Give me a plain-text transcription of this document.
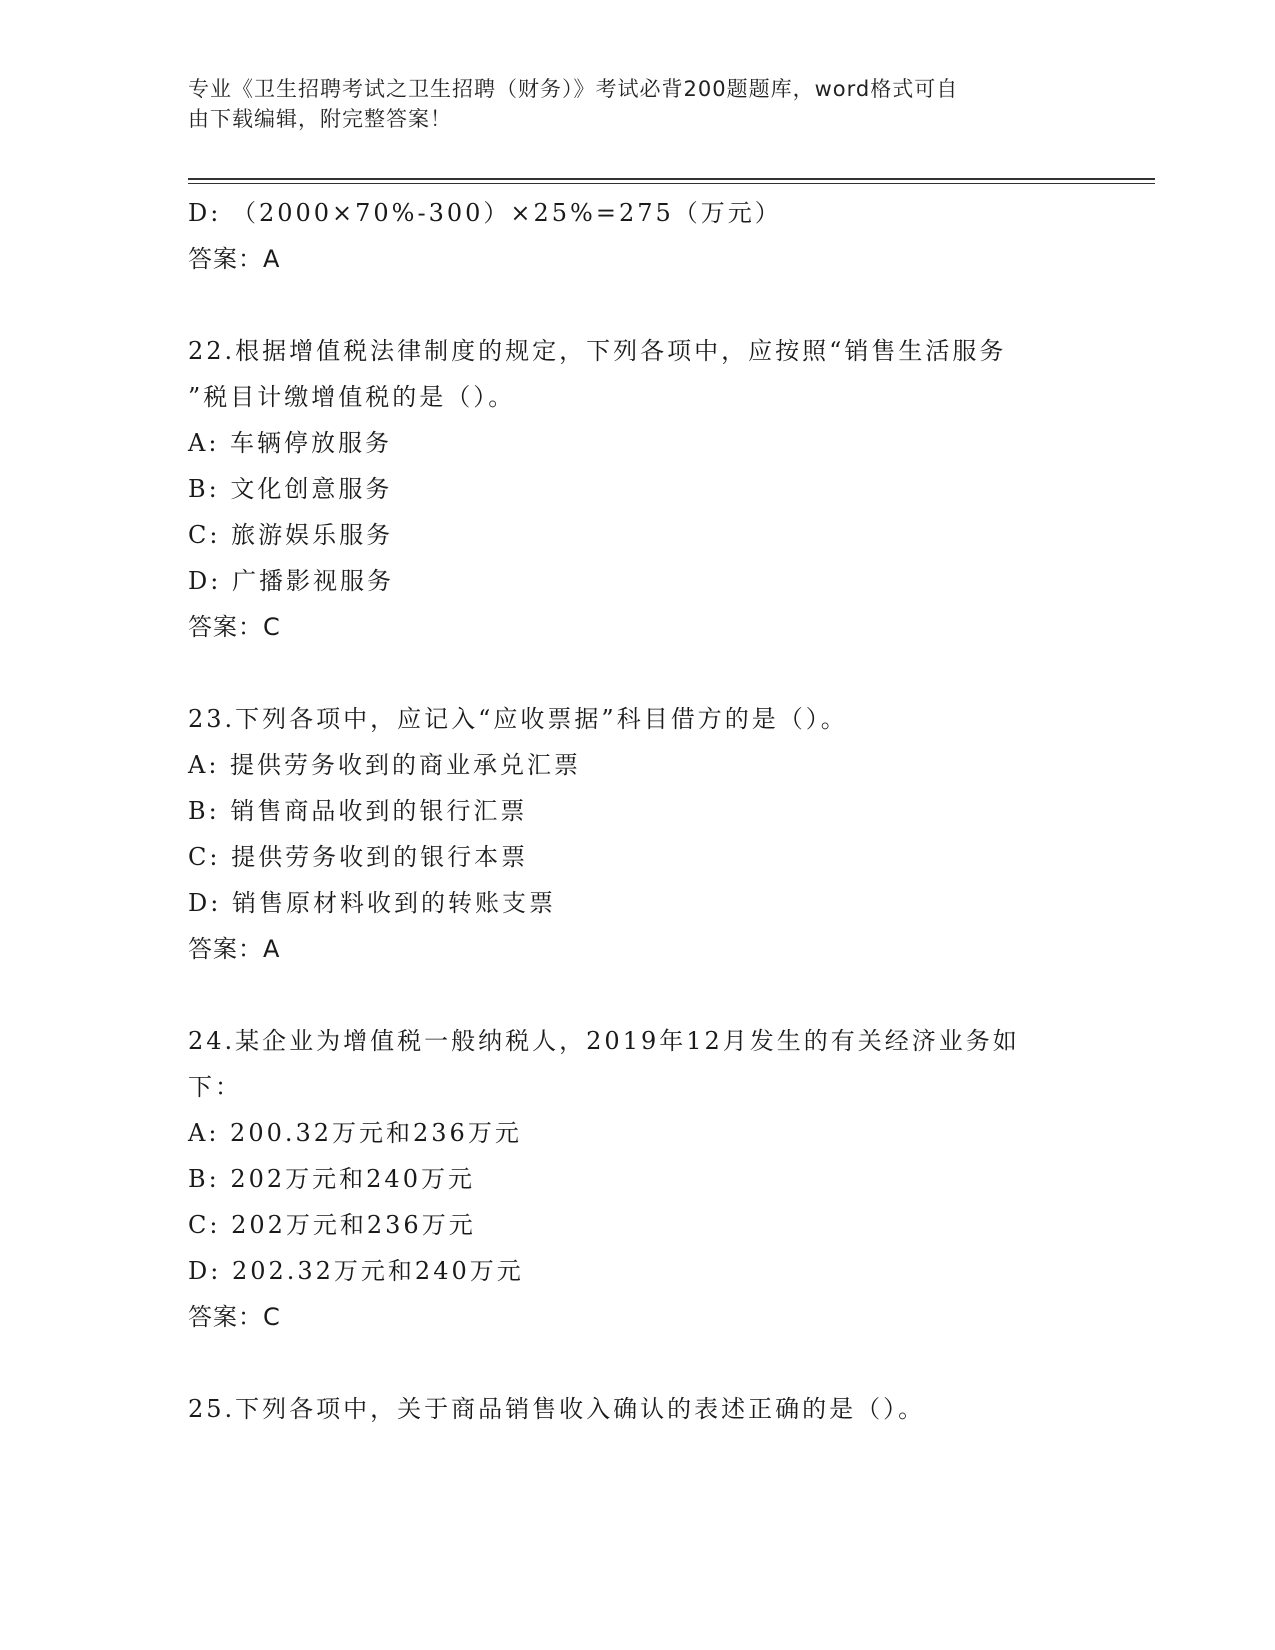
专业《卫生招聘考试之卫生招聘（财务）》考试必背200题题库，word格式可自
由下载编辑，附完整答案！
D: （2000×70%-300）×25%=275（万元）
答案：A
22.根据增值税法律制度的规定，下列各项中，应按照“销售生活服务
”税目计缴增值税的是（）。
A: 车辆停放服务
B: 文化创意服务
C: 旅游娱乐服务
D: 广播影视服务
答案：C
23.下列各项中，应记入“应收票据”科目借方的是（）。
A: 提供劳务收到的商业承兑汇票
B: 销售商品收到的银行汇票
C: 提供劳务收到的银行本票
D: 销售原材料收到的转账支票
答案：A
24.某企业为增值税一般纳税人，2019年12月发生的有关经济业务如
下：
A: 200.32万元和236万元
B: 202万元和240万元
C: 202万元和236万元
D: 202.32万元和240万元
答案：C
25.下列各项中，关于商品销售收入确认的表述正确的是（）。
